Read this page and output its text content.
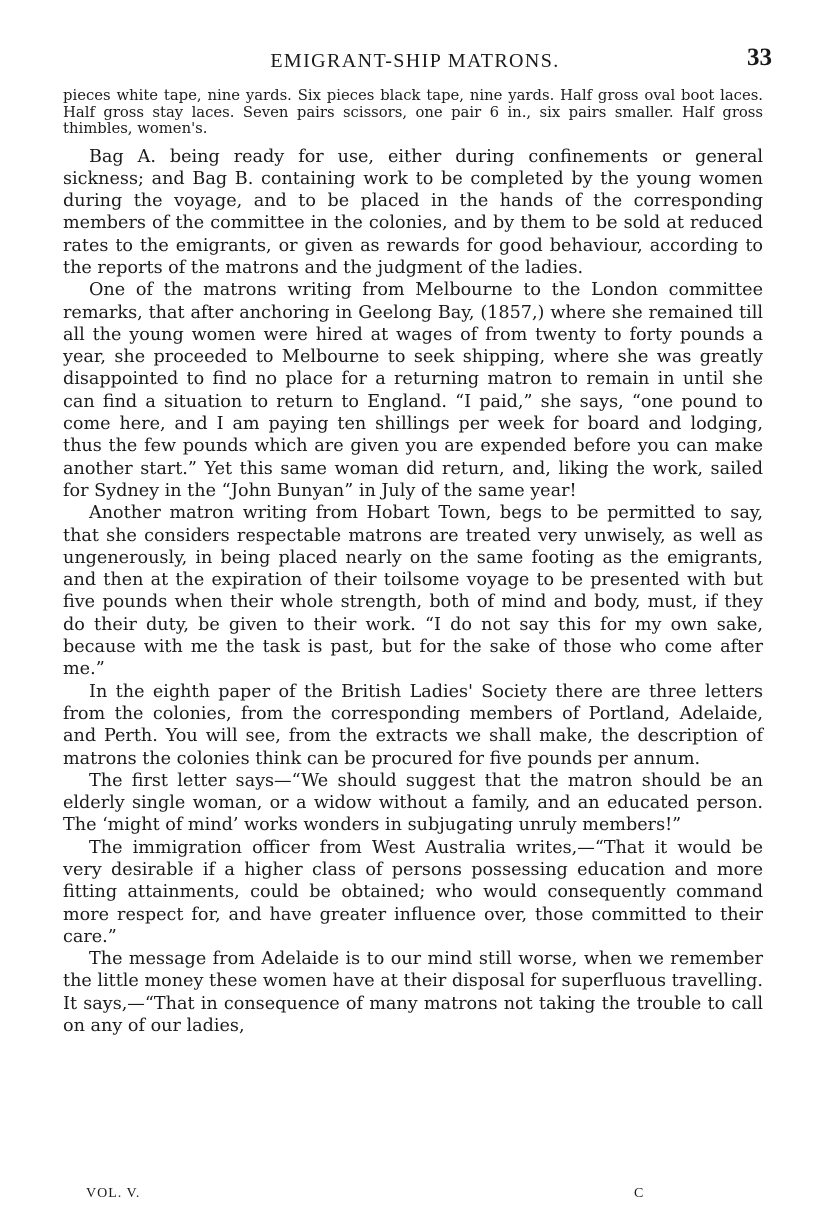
EMIGRANT-SHIP MATRONS.	33

pieces white tape, nine yards. Six pieces black tape, nine yards. Half gross oval boot laces. Half gross stay laces. Seven pairs scissors, one pair 6 in., six pairs smaller. Half gross thimbles, women's.

Bag A. being ready for use, either during confinements or general sickness; and Bag B. containing work to be completed by the young women during the voyage, and to be placed in the hands of the corresponding members of the committee in the colonies, and by them to be sold at reduced rates to the emigrants, or given as rewards for good behaviour, according to the reports of the matrons and the judgment of the ladies.

One of the matrons writing from Melbourne to the London committee remarks, that after anchoring in Geelong Bay, (1857,) where she remained till all the young women were hired at wages of from twenty to forty pounds a year, she proceeded to Melbourne to seek shipping, where she was greatly disappointed to find no place for a returning matron to remain in until she can find a situation to return to England. “I paid,” she says, “one pound to come here, and I am paying ten shillings per week for board and lodging, thus the few pounds which are given you are expended before you can make another start.” Yet this same woman did return, and, liking the work, sailed for Sydney in the “John Bunyan” in July of the same year!

Another matron writing from Hobart Town, begs to be permitted to say, that she considers respectable matrons are treated very unwisely, as well as ungenerously, in being placed nearly on the same footing as the emigrants, and then at the expiration of their toilsome voyage to be presented with but five pounds when their whole strength, both of mind and body, must, if they do their duty, be given to their work. “I do not say this for my own sake, because with me the task is past, but for the sake of those who come after me.”

In the eighth paper of the British Ladies' Society there are three letters from the colonies, from the corresponding members of Portland, Adelaide, and Perth. You will see, from the extracts we shall make, the description of matrons the colonies think can be procured for five pounds per annum.

The first letter says—“We should suggest that the matron should be an elderly single woman, or a widow without a family, and an educated person. The ‘might of mind’ works wonders in subjugating unruly members!”

The immigration officer from West Australia writes,—“That it would be very desirable if a higher class of persons possessing education and more fitting attainments, could be obtained; who would consequently command more respect for, and have greater influence over, those committed to their care.”

The message from Adelaide is to our mind still worse, when we remember the little money these women have at their disposal for superfluous travelling. It says,—“That in consequence of many matrons not taking the trouble to call on any of our ladies,

VOL. V.	C
